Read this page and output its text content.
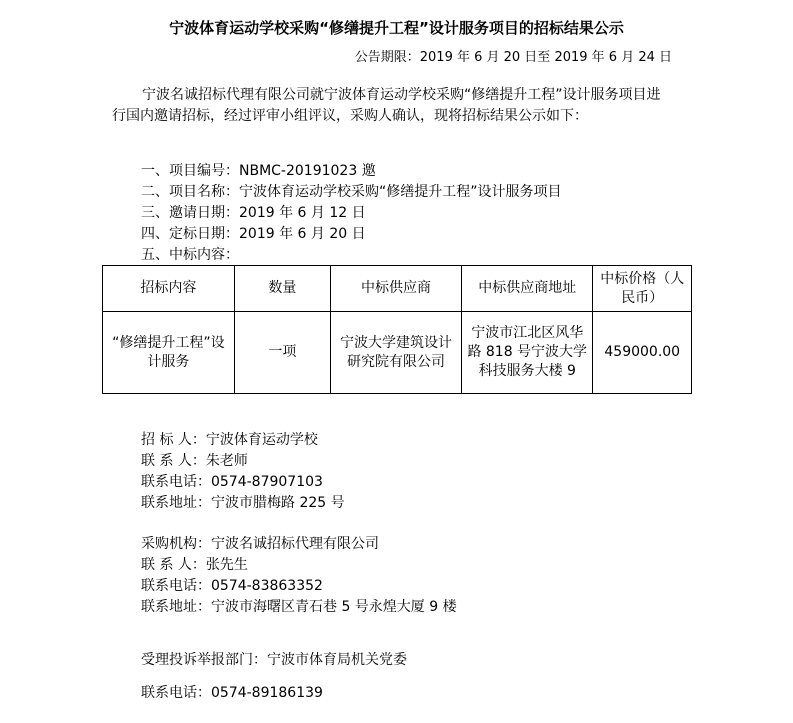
宁波体育运动学校采购“修缮提升工程”设计服务项目的招标结果公示
公告期限：2019 年 6 月 20 日至 2019 年 6 月 24 日

宁波名诚招标代理有限公司就宁波体育运动学校采购“修缮提升工程”设计服务项目进行国内邀请招标，经过评审小组评议，采购人确认，现将招标结果公示如下：

一、项目编号：NBMC-20191023 邀
二、项目名称：宁波体育运动学校采购“修缮提升工程”设计服务项目
三、邀请日期：2019 年 6 月 12 日
四、定标日期：2019 年 6 月 20 日
五、中标内容：
招标内容	数量	中标供应商	中标供应商地址	中标价格（人民币）
“修缮提升工程”设计服务	一项	宁波大学建筑设计研究院有限公司	宁波市江北区风华路 818 号宁波大学科技服务大楼 9	459000.00
招 标 人：宁波体育运动学校
联 系 人：朱老师
联系电话：0574-87907103
联系地址：宁波市腊梅路 225 号
采购机构：宁波名诚招标代理有限公司
联 系 人：张先生
联系电话：0574-83863352
联系地址：宁波市海曙区青石巷 5 号永煌大厦 9 楼
受理投诉举报部门：宁波市体育局机关党委
联系电话：0574-89186139
